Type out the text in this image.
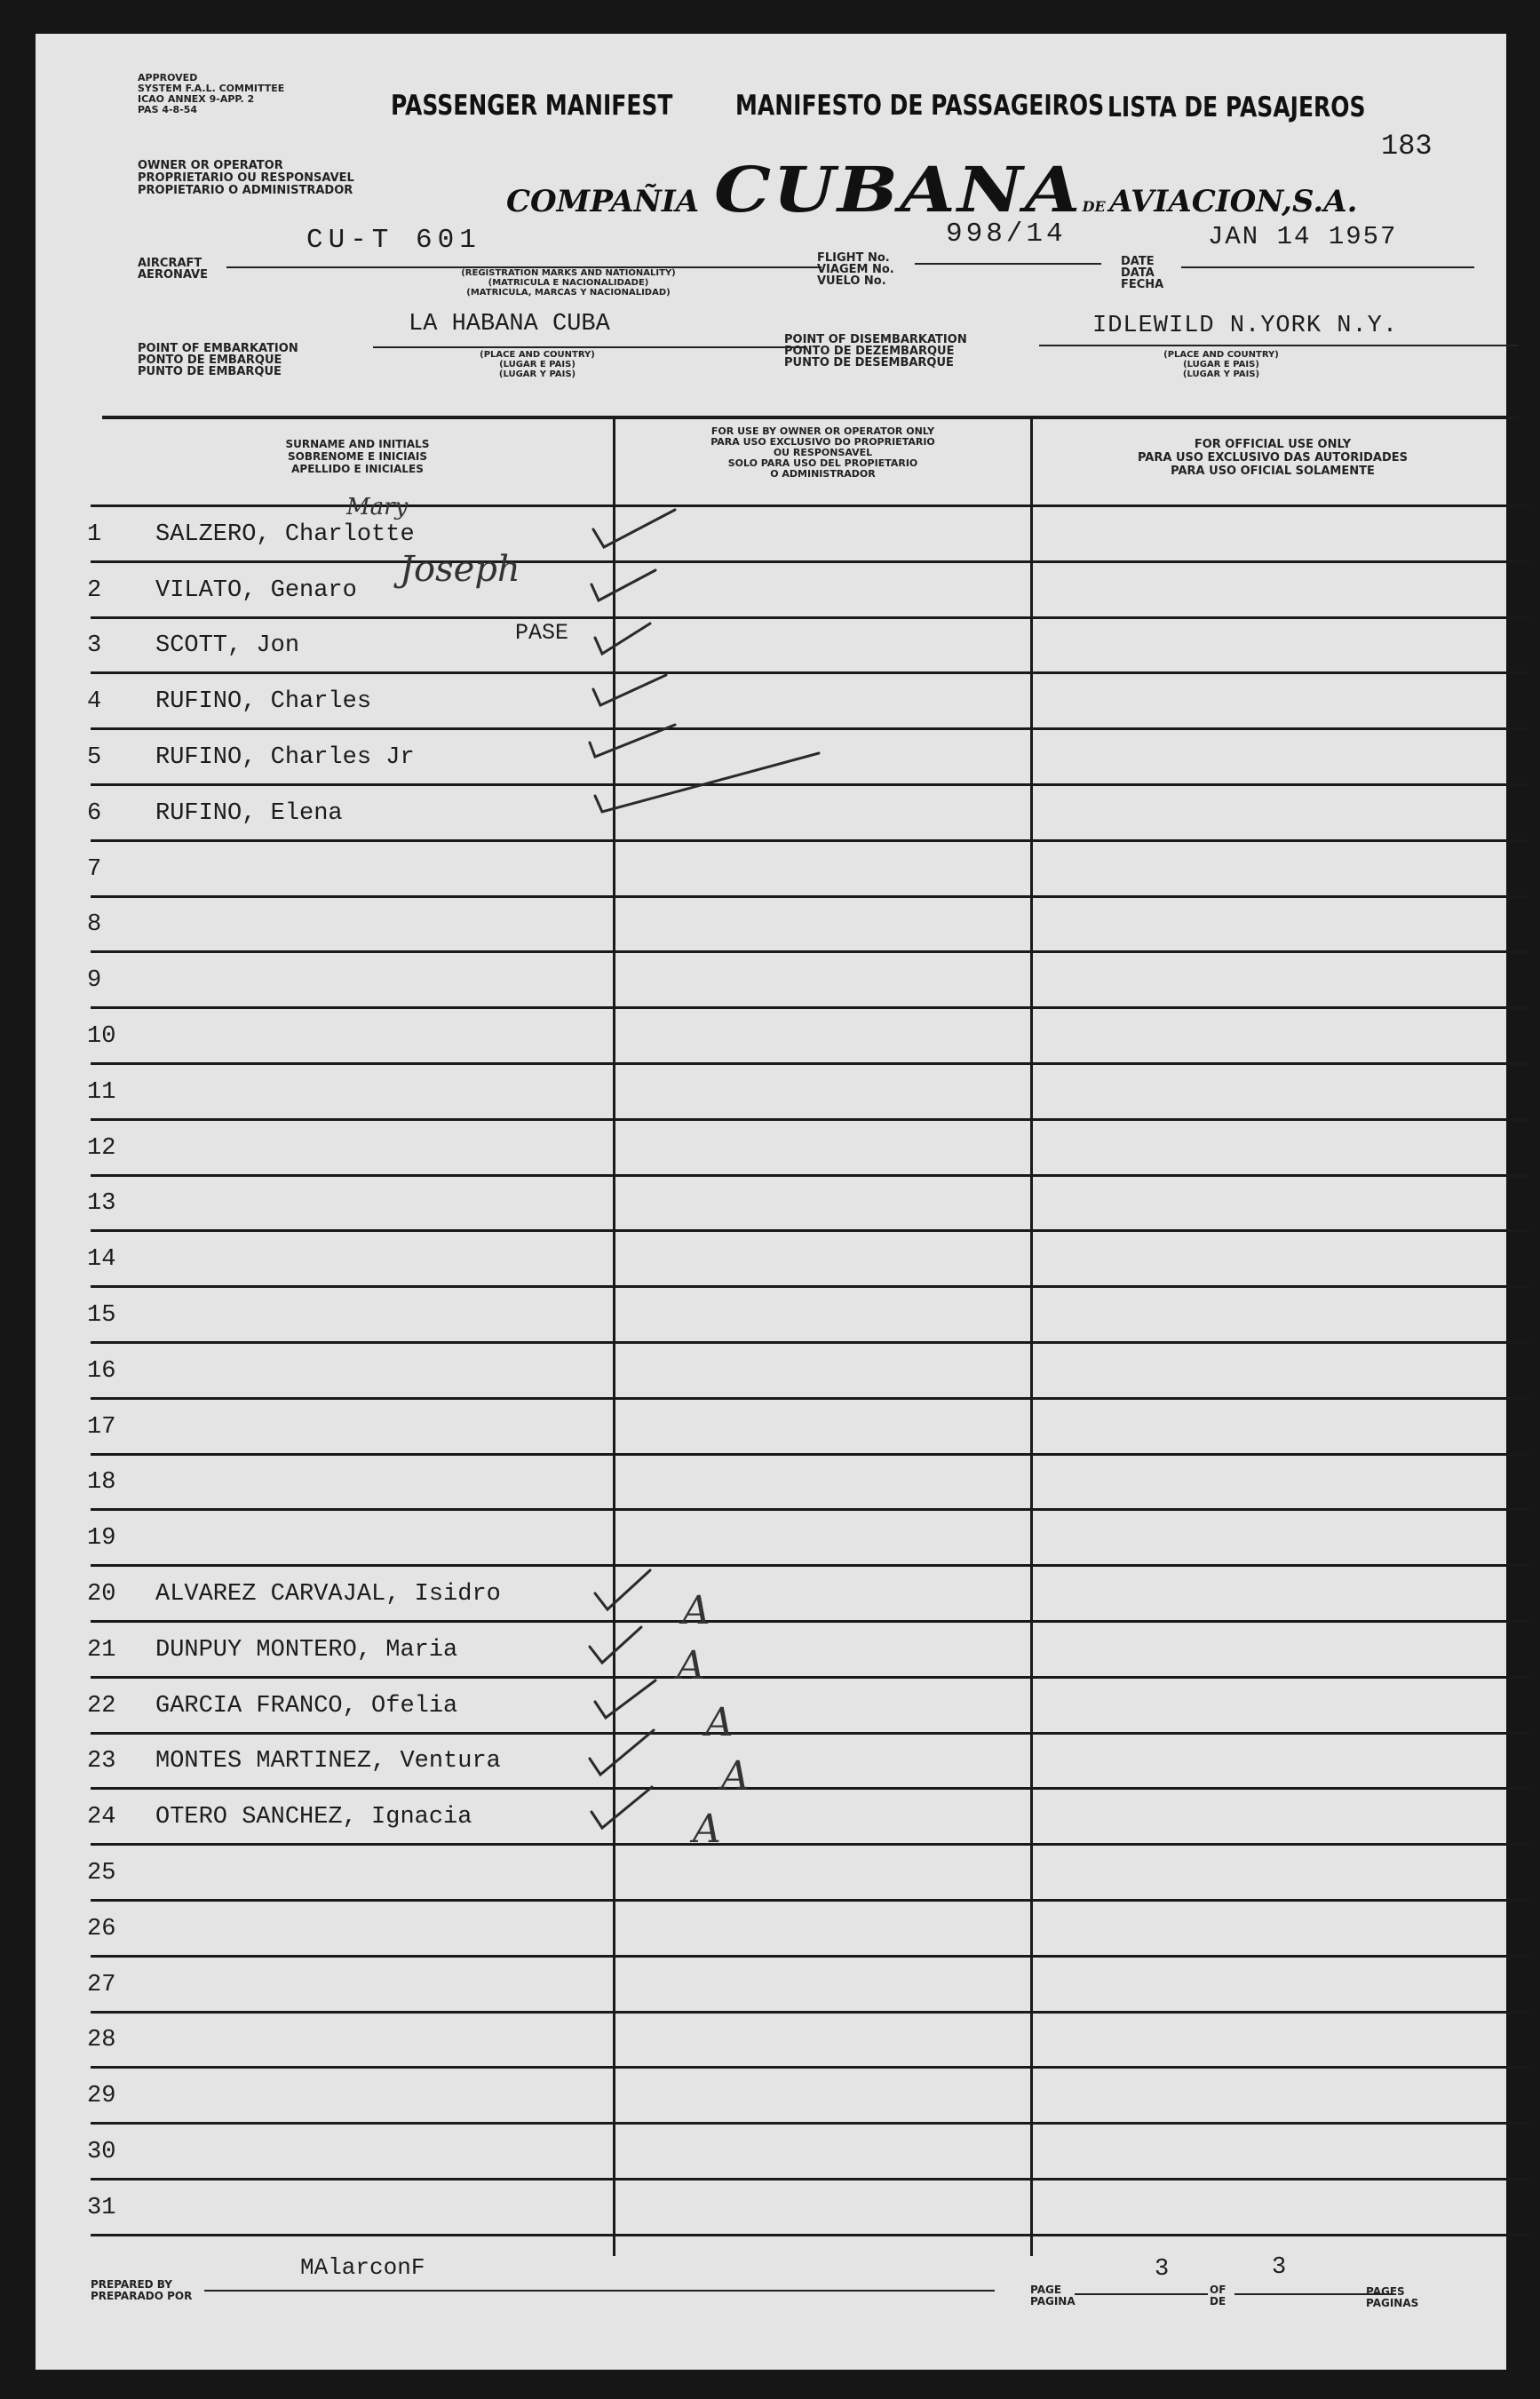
APPROVED
SYSTEM F.A.L. COMMITTEE
ICAO ANNEX 9-APP. 2
PAS 4-8-54	PASSENGER MANIFEST	MANIFESTO DE PASSAGEIROS LISTA DE PASAJEROS
183
OWNER OR OPERATOR
PROPRIETARIO OU RESPONSAVEL
PROPIETARIO O ADMINISTRADOR	COMPAÑIA CUBANA DE AVIACION,S.A.
AIRCRAFT
AERONAVE
CU-T 601
(REGISTRATION MARKS AND NATIONALITY)
(MATRICULA E NACIONALIDADE)
(MATRICULA, MARCAS Y NACIONALIDAD)
FLIGHT No.
VIAGEM No.
VUELO No.
998/14
DATE
DATA
FECHA
JAN 14 1957
POINT OF EMBARKATION
PONTO DE EMBARQUE
PUNTO DE EMBARQUE
LA HABANA CUBA
(PLACE AND COUNTRY)
(LUGAR E PAIS)
(LUGAR Y PAIS)
POINT OF DISEMBARKATION
PONTO DE DEZEMBARQUE
PUNTO DE DESEMBARQUE
IDLEWILD N.YORK N.Y.
(PLACE AND COUNTRY)
(LUGAR E PAIS)
(LUGAR Y PAIS)
SURNAME AND INITIALS
SOBRENOME E INICIAIS
APELLIDO E INICIALES
FOR USE BY OWNER OR OPERATOR ONLY
PARA USO EXCLUSIVO DO PROPRIETARIO
OU RESPONSAVEL
SOLO PARA USO DEL PROPIETARIO
O ADMINISTRADOR
FOR OFFICIAL USE ONLY
PARA USO EXCLUSIVO DAS AUTORIDADES
PARA USO OFICIAL SOLAMENTE
1	SALZERO, Charlotte
2	VILATO, Genaro
3	SCOTT, Jon
4	RUFINO, Charles
5	RUFINO, Charles Jr
6	RUFINO, Elena
7
8
9
10
11
12
13
14
15
16
17
18
19
20	ALVAREZ CARVAJAL, Isidro
21	DUNPUY MONTERO, Maria
22	GARCIA FRANCO, Ofelia
23	MONTES MARTINEZ, Ventura
24	OTERO SANCHEZ, Ignacia
25
26
27
28
29
30
31
Mary
Joseph
PASE
A
A
A
A
A
PREPARED BY
PREPARADO POR
MAlarconF
PAGE
PAGINA
3
OF
DE
3
PAGES
PAGINAS
